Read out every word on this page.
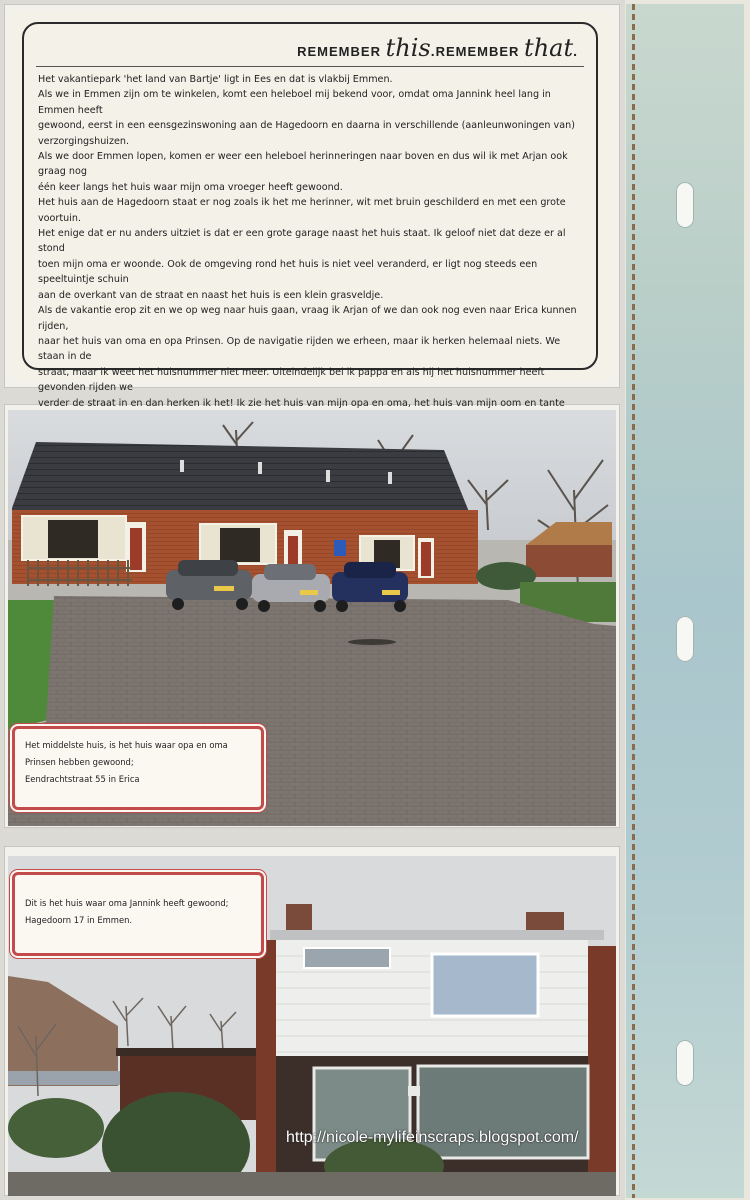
REMEMBER this.REMEMBER that.

Het vakantiepark 'het land van Bartje' ligt in Ees en dat is vlakbij Emmen.

Als we in Emmen zijn om te winkelen, komt een heleboel mij bekend voor, omdat oma Jannink heel lang in Emmen heeft

gewoond, eerst in een eensgezinswoning aan de Hagedoorn en daarna in verschillende (aanleunwoningen van)

verzorgingshuizen.

Als we door Emmen lopen, komen er weer een heleboel herinneringen naar boven en dus wil ik met Arjan ook graag nog

één keer langs het huis waar mijn oma vroeger heeft gewoond.

Het huis aan de Hagedoorn staat er nog zoals ik het me herinner, wit met bruin geschilderd en met een grote voortuin.

Het enige dat er nu anders uitziet is dat er een grote garage naast het huis staat. Ik geloof niet dat deze er al stond

toen mijn oma er woonde. Ook de omgeving rond het huis is niet veel veranderd, er ligt nog steeds een speeltuintje schuin

aan de overkant van de straat en naast het huis is een klein grasveldje.

Als de vakantie erop zit en we op weg naar huis gaan, vraag ik Arjan of we dan ook nog even naar Erica kunnen rijden,

naar het huis van oma en opa Prinsen. Op de navigatie rijden we erheen, maar ik herken helemaal niets. We staan in de

straat, maar ik weet het huisnummer niet meer. Uiteindelijk bel ik pappa en als hij het huisnummer heeft gevonden rijden we

verder de straat in en dan herken ik het! Ik zie het huis van mijn opa en oma, het huis van mijn oom en tante

Het middelste huis, is het huis waar opa en oma
Prinsen hebben gewoond;
Eendrachtstraat 55 in Erica
Dit is het huis waar oma Jannink heeft gewoond;
Hagedoorn 17 in Emmen.
http://nicole-mylifeinscraps.blogspot.com/
